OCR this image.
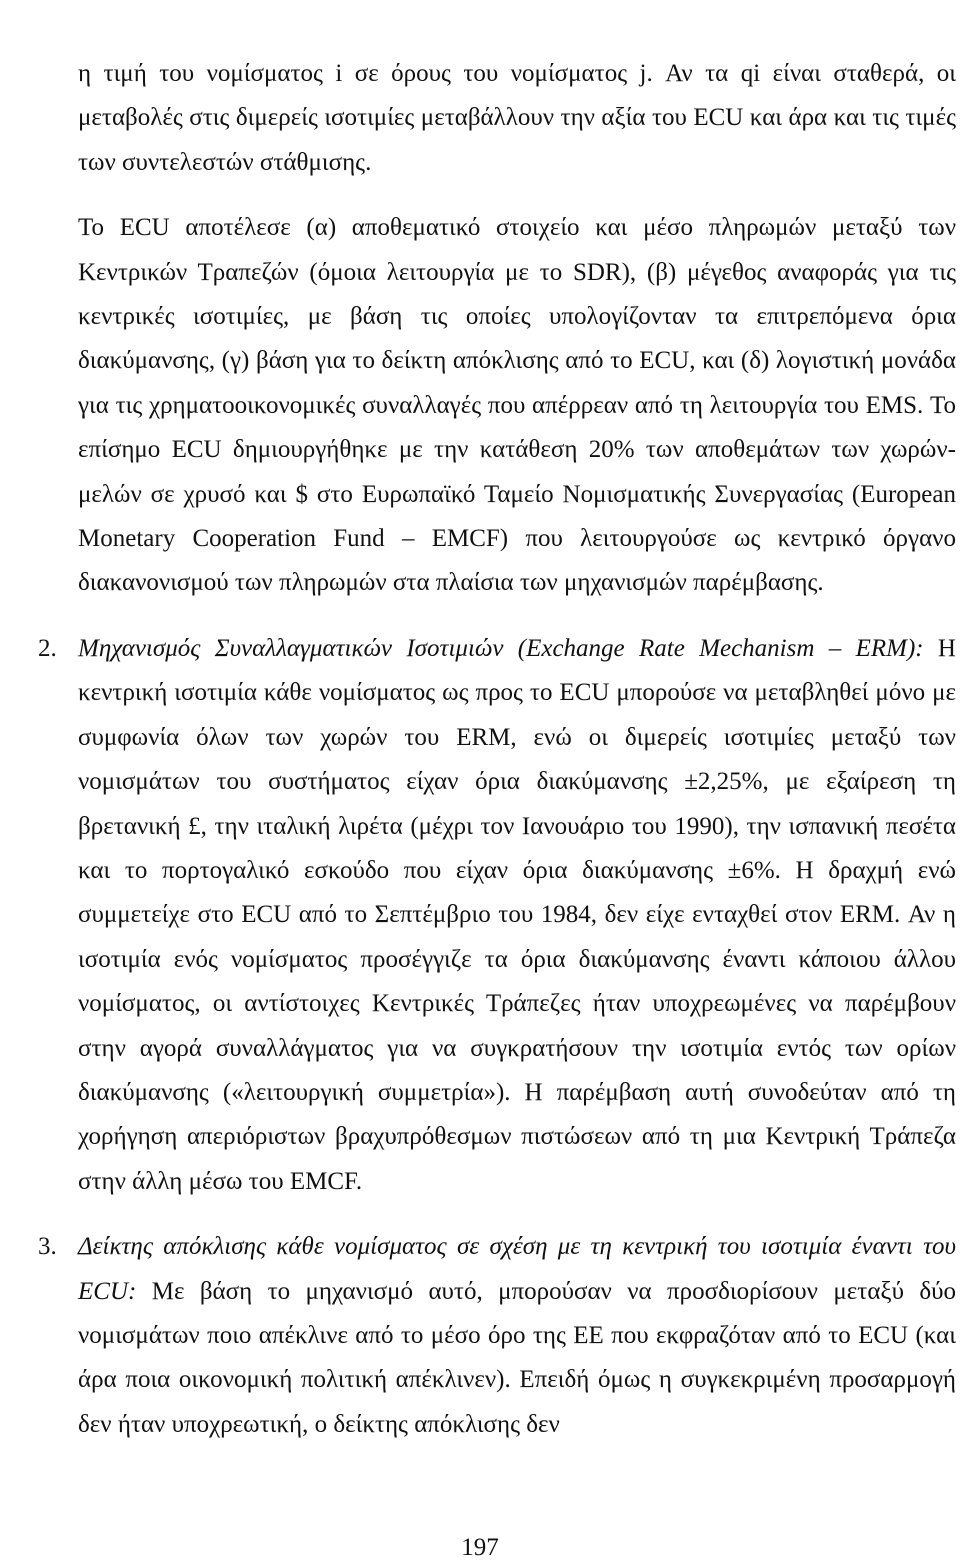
η τιμή του νομίσματος i σε όρους του νομίσματος j. Αν τα qi είναι σταθερά, οι μεταβολές στις διμερείς ισοτιμίες μεταβάλλουν την αξία του ECU και άρα και τις τιμές των συντελεστών στάθμισης.

Το ECU αποτέλεσε (α) αποθεματικό στοιχείο και μέσο πληρωμών μεταξύ των Κεντρικών Τραπεζών (όμοια λειτουργία με το SDR), (β) μέγεθος αναφοράς για τις κεντρικές ισοτιμίες, με βάση τις οποίες υπολογίζονταν τα επιτρεπόμενα όρια διακύμανσης, (γ) βάση για το δείκτη απόκλισης από το ECU, και (δ) λογιστική μονάδα για τις χρηματοοικονομικές συναλλαγές που απέρρεαν από τη λειτουργία του EMS. Το επίσημο ECU δημιουργήθηκε με την κατάθεση 20% των αποθεμάτων των χωρών-μελών σε χρυσό και $ στο Ευρωπαϊκό Ταμείο Νομισματικής Συνεργασίας (European Monetary Cooperation Fund – EMCF) που λειτουργούσε ως κεντρικό όργανο διακανονισμού των πληρωμών στα πλαίσια των μηχανισμών παρέμβασης.

2. Μηχανισμός Συναλλαγματικών Ισοτιμιών (Exchange Rate Mechanism – ERM): Η κεντρική ισοτιμία κάθε νομίσματος ως προς το ECU μπορούσε να μεταβληθεί μόνο με συμφωνία όλων των χωρών του ERM, ενώ οι διμερείς ισοτιμίες μεταξύ των νομισμάτων του συστήματος είχαν όρια διακύμανσης ±2,25%, με εξαίρεση τη βρετανική £, την ιταλική λιρέτα (μέχρι τον Ιανουάριο του 1990), την ισπανική πεσέτα και το πορτογαλικό εσκούδο που είχαν όρια διακύμανσης ±6%. Η δραχμή ενώ συμμετείχε στο ECU από το Σεπτέμβριο του 1984, δεν είχε ενταχθεί στον ERM. Αν η ισοτιμία ενός νομίσματος προσέγγιζε τα όρια διακύμανσης έναντι κάποιου άλλου νομίσματος, οι αντίστοιχες Κεντρικές Τράπεζες ήταν υποχρεωμένες να παρέμβουν στην αγορά συναλλάγματος για να συγκρατήσουν την ισοτιμία εντός των ορίων διακύμανσης («λειτουργική συμμετρία»). Η παρέμβαση αυτή συνοδεύταν από τη χορήγηση απεριόριστων βραχυπρόθεσμων πιστώσεων από τη μια Κεντρική Τράπεζα στην άλλη μέσω του EMCF.

3. Δείκτης απόκλισης κάθε νομίσματος σε σχέση με τη κεντρική του ισοτιμία έναντι του ECU: Με βάση το μηχανισμό αυτό, μπορούσαν να προσδιορίσουν μεταξύ δύο νομισμάτων ποιο απέκλινε από το μέσο όρο της ΕΕ που εκφραζόταν από το ECU (και άρα ποια οικονομική πολιτική απέκλινεν). Επειδή όμως η συγκεκριμένη προσαρμογή δεν ήταν υποχρεωτική, ο δείκτης απόκλισης δεν

197
